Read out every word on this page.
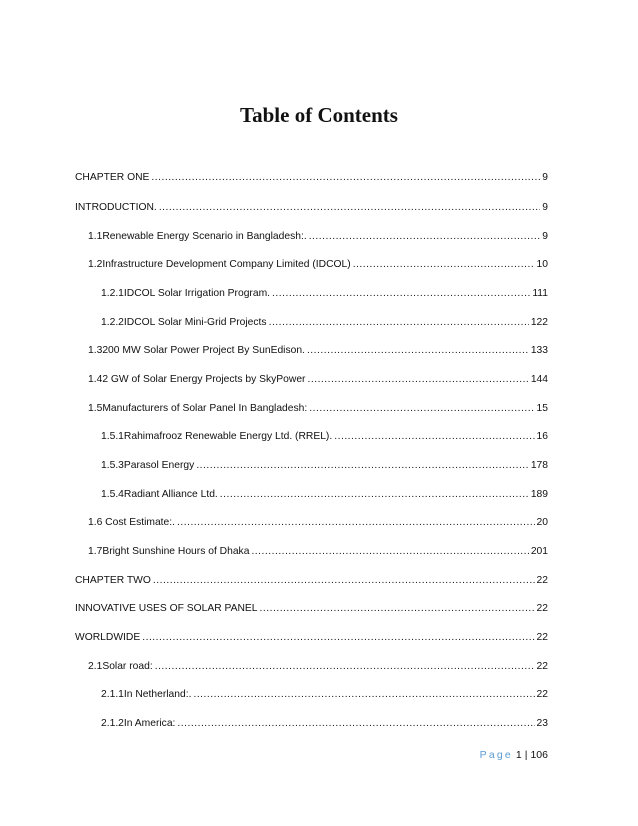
Table of Contents
CHAPTER ONE .....	9
INTRODUCTION. .....	9
1.1 Renewable Energy Scenario in Bangladesh:. .....	9
1.2 Infrastructure Development Company Limited (IDCOL) .....	10
1.2.1 IDCOL Solar Irrigation Program. .....	111
1.2.2 IDCOL Solar Mini-Grid Projects .....	122
1.3 200 MW Solar Power Project By SunEdison. .....	133
1.4 2 GW of Solar Energy Projects by SkyPower .....	144
1.5 Manufacturers of Solar Panel In Bangladesh: .....	15
1.5.1 Rahimafrooz Renewable Energy Ltd. (RREL). .....	16
1.5.3 Parasol Energy .....	178
1.5.4 Radiant Alliance Ltd. .....	189
1.6 Cost Estimate:. .....	20
1.7 Bright Sunshine Hours of Dhaka .....	201
CHAPTER TWO .....	22
INNOVATIVE USES OF SOLAR PANEL .....	22
WORLDWIDE .....	22
2.1 Solar road: .....	22
2.1.1 In Netherland:. .....	22
2.1.2 In America: .....	23
Page 1 | 106
